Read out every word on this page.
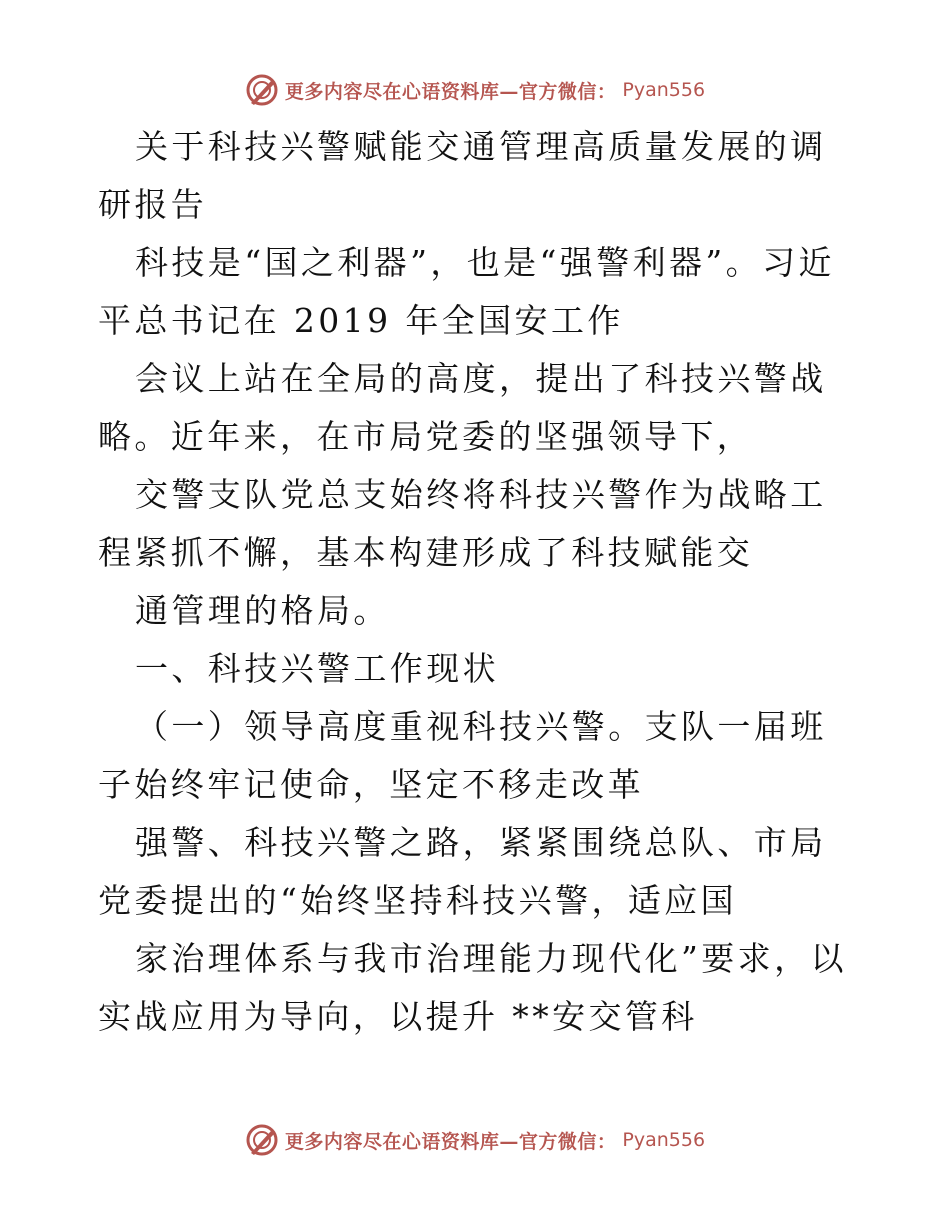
更多内容尽在心语资料库—官方微信： Pyan556

关于科技兴警赋能交通管理高质量发展的调研报告

科技是“国之利器”，也是“强警利器”。习近平总书记在 2019 年全国安工作

会议上站在全局的高度，提出了科技兴警战略。近年来，在市局党委的坚强领导下，

交警支队党总支始终将科技兴警作为战略工程紧抓不懈，基本构建形成了科技赋能交

通管理的格局。

一、科技兴警工作现状

（一）领导高度重视科技兴警。支队一届班子始终牢记使命，坚定不移走改革

强警、科技兴警之路，紧紧围绕总队、市局党委提出的“始终坚持科技兴警，适应国

家治理体系与我市治理能力现代化”要求，以实战应用为导向，以提升 **安交管科

更多内容尽在心语资料库—官方微信： Pyan556
